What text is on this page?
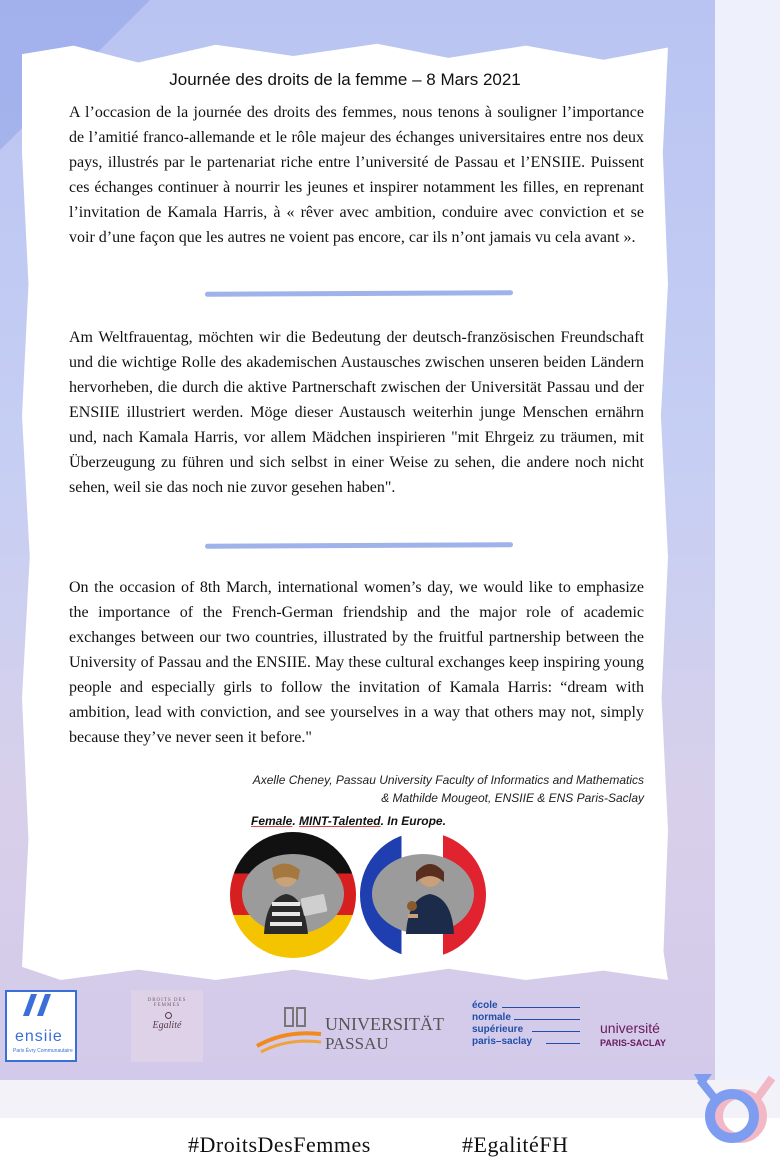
Journée des droits de la femme – 8 Mars 2021

A l’occasion de la journée des droits des femmes, nous tenons à souligner l’importance de l’amitié franco-allemande et le rôle majeur des échanges universitaires entre nos deux pays, illustrés par le partenariat riche entre l’université de Passau et l’ENSIIE. Puissent ces échanges continuer à nourrir les jeunes et inspirer notamment les filles, en reprenant l’invitation de Kamala Harris, à « rêver avec ambition, conduire avec conviction et se voir d’une façon que les autres ne voient pas encore, car ils n’ont jamais vu cela avant ».

Am Weltfrauentag, möchten wir die Bedeutung der deutsch-französischen Freundschaft und die wichtige Rolle des akademischen Austausches zwischen unseren beiden Ländern hervorheben, die durch die aktive Partnerschaft zwischen der Universität Passau und der ENSIIE illustriert werden. Möge dieser Austausch weiterhin junge Menschen ernährn und, nach Kamala Harris, vor allem Mädchen inspirieren "mit Ehrgeiz zu träumen, mit Überzeugung zu führen und sich selbst in einer Weise zu sehen, die andere noch nicht sehen, weil sie das noch nie zuvor gesehen haben".

On the occasion of 8th March, international women’s day, we would like to emphasize the importance of the French-German friendship and the major role of academic exchanges between our two countries, illustrated by the fruitful partnership between the University of Passau and the ENSIIE. May these cultural exchanges keep inspiring young people and especially girls to follow the invitation of Kamala Harris: “dream with ambition, lead with conviction, and see yourselves in a way that others may not, simply because they’ve never seen it before."

Axelle Cheney, Passau University Faculty of Informatics and Mathematics
& Mathilde Mougeot, ENSIIE & ENS Paris-Saclay
Female. MINT-Talented. In Europe.
ensiie
Paris Évry Communautaire
DROITS DES FEMMES
Egalité	UNIVERSITÄT
PASSAU
école
normale
supérieure
paris–saclay
université
PARIS-SACLAY
#DroitsDesFemmes	#EgalitéFH
